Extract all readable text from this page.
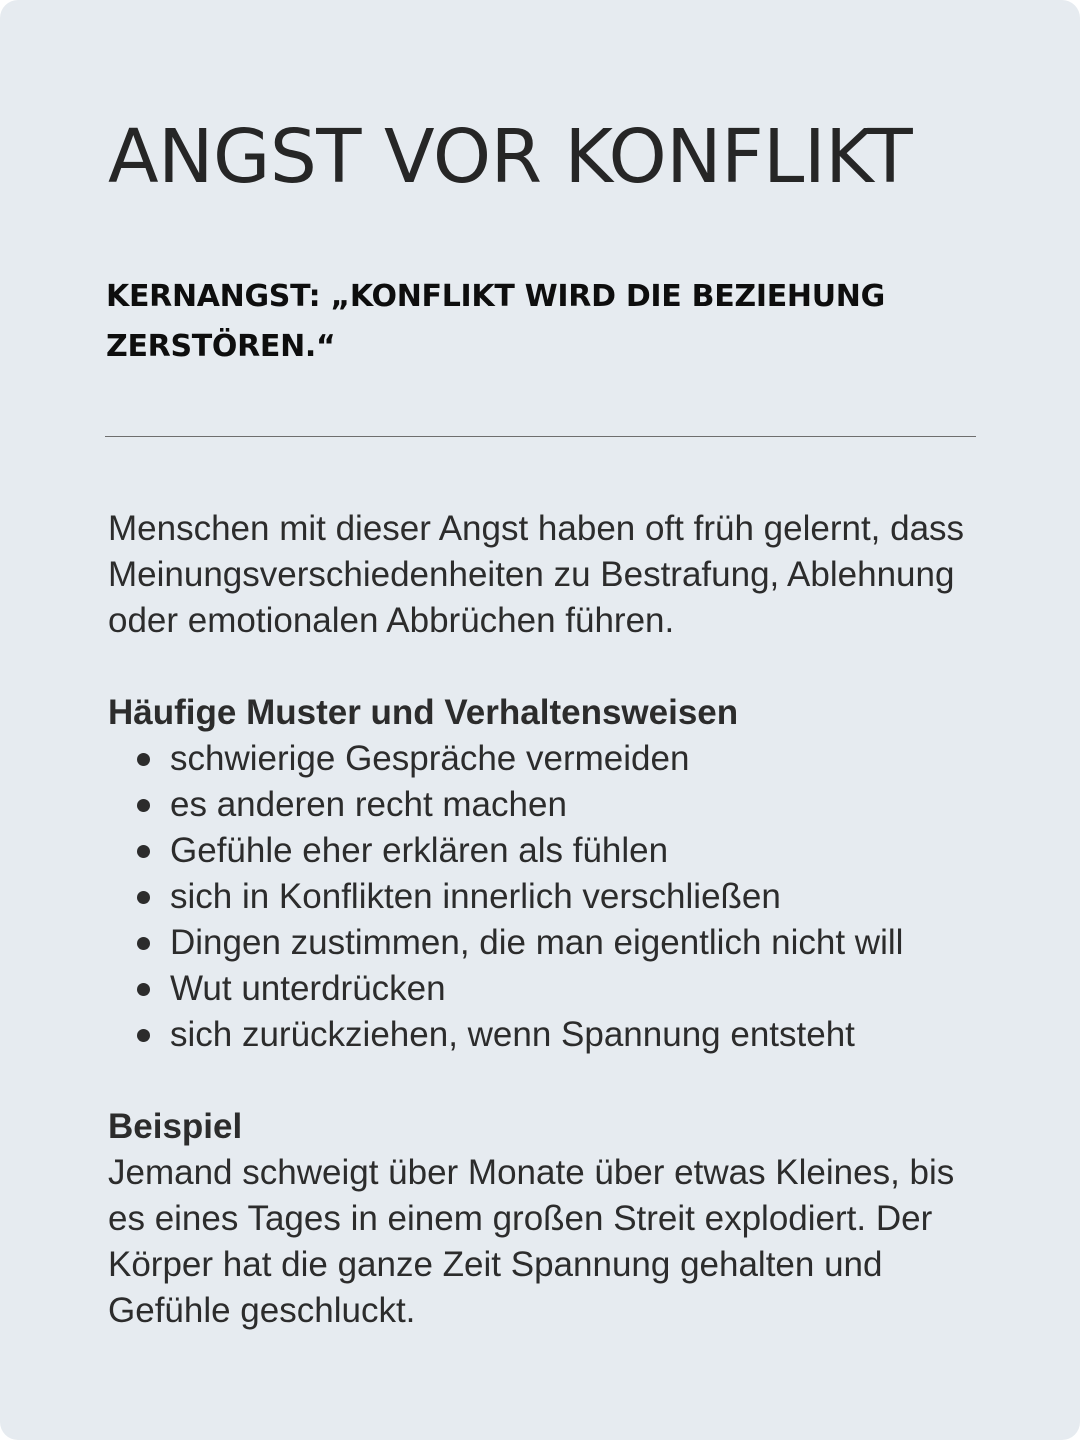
ANGST VOR KONFLIKT

KERNANGST: „KONFLIKT WIRD DIE BEZIEHUNG ZERSTÖREN.“

Menschen mit dieser Angst haben oft früh gelernt, dass Meinungsverschiedenheiten zu Bestrafung, Ablehnung oder emotionalen Abbrüchen führen.

Häufige Muster und Verhaltensweisen

schwierige Gespräche vermeiden
es anderen recht machen
Gefühle eher erklären als fühlen
sich in Konflikten innerlich verschließen
Dingen zustimmen, die man eigentlich nicht will
Wut unterdrücken
sich zurückziehen, wenn Spannung entsteht

Beispiel

Jemand schweigt über Monate über etwas Kleines, bis es eines Tages in einem großen Streit explodiert. Der Körper hat die ganze Zeit Spannung gehalten und Gefühle geschluckt.
